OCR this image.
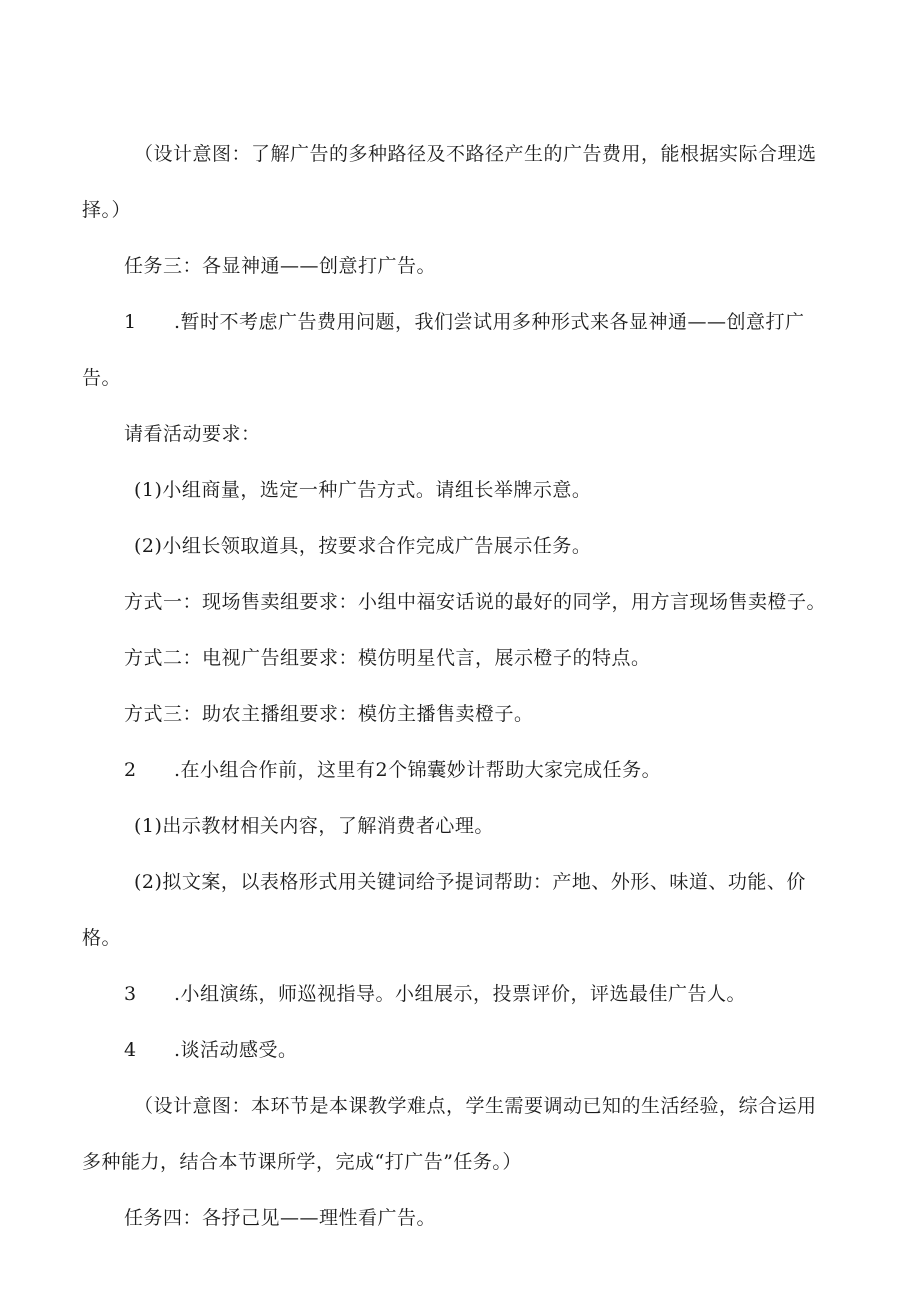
（设计意图：了解广告的多种路径及不路径产生的广告费用，能根据实际合理选

择。）

任务三：各显神通——创意打广告。

1 .暂时不考虑广告费用问题，我们尝试用多种形式来各显神通——创意打广

告。

请看活动要求：

(1)小组商量，选定一种广告方式。请组长举牌示意。

(2)小组长领取道具，按要求合作完成广告展示任务。

方式一：现场售卖组要求：小组中福安话说的最好的同学，用方言现场售卖橙子。

方式二：电视广告组要求：模仿明星代言，展示橙子的特点。

方式三：助农主播组要求：模仿主播售卖橙子。

2 .在小组合作前，这里有2个锦囊妙计帮助大家完成任务。

(1)出示教材相关内容，了解消费者心理。

(2)拟文案，以表格形式用关键词给予提词帮助：产地、外形、味道、功能、价

格。

3 .小组演练，师巡视指导。小组展示，投票评价，评选最佳广告人。

4 .谈活动感受。

（设计意图：本环节是本课教学难点，学生需要调动已知的生活经验，综合运用

多种能力，结合本节课所学，完成“打广告”任务。）

任务四：各抒己见——理性看广告。
